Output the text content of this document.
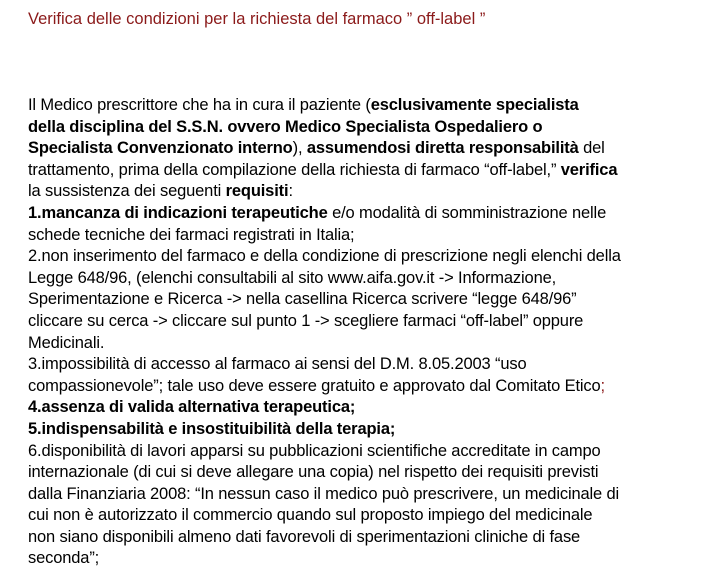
Verifica delle condizioni per la richiesta del farmaco ” off-label ”
Il Medico prescrittore che ha in cura il paziente (esclusivamente specialista
della disciplina del S.S.N. ovvero Medico Specialista Ospedaliero o
Specialista Convenzionato interno), assumendosi diretta responsabilità del
trattamento, prima della compilazione della richiesta di farmaco “off-label,” verifica
la sussistenza dei seguenti requisiti:
1.mancanza di indicazioni terapeutiche e/o modalità di somministrazione nelle
schede tecniche dei farmaci registrati in Italia;
2.non inserimento del farmaco e della condizione di prescrizione negli elenchi della
Legge 648/96, (elenchi consultabili al sito www.aifa.gov.it -> Informazione,
Sperimentazione e Ricerca -> nella casellina Ricerca scrivere “legge 648/96”
cliccare su cerca -> cliccare sul punto 1 -> scegliere farmaci “off-label” oppure
Medicinali.
3.impossibilità di accesso al farmaco ai sensi del D.M. 8.05.2003 “uso
compassionevole”; tale uso deve essere gratuito e approvato dal Comitato Etico;
4.assenza di valida alternativa terapeutica;
5.indispensabilità e insostituibilità della terapia;
6.disponibilità di lavori apparsi su pubblicazioni scientifiche accreditate in campo
internazionale (di cui si deve allegare una copia) nel rispetto dei requisiti previsti
dalla Finanziaria 2008: “In nessun caso il medico può prescrivere, un medicinale di
cui non è autorizzato il commercio quando sul proposto impiego del medicinale
non siano disponibili almeno dati favorevoli di sperimentazioni cliniche di fase
seconda”;
